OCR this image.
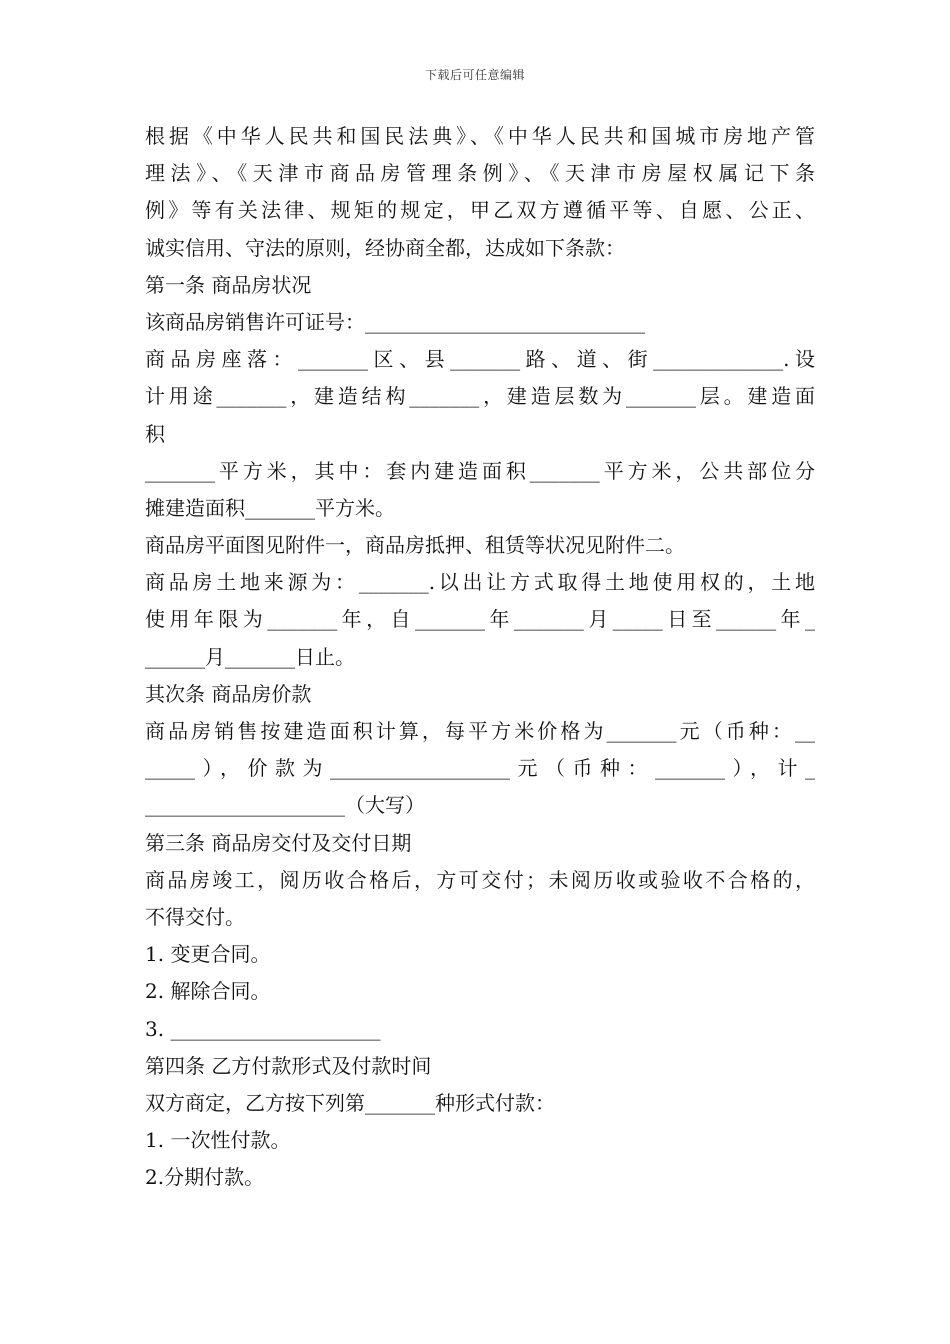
下载后可任意编辑
根据《中华人民共和国民法典》、《中华人民共和国城市房地产管
理法》、《天津市商品房管理条例》、《天津市房屋权属记下条
例》等有关法律、规矩的规定，甲乙双方遵循平等、自愿、公正、
诚实信用、守法的原则，经协商全都，达成如下条款：
第一条 商品房状况
该商品房销售许可证号：____________________________
商品房座落：_______区、县_______路、道、街_____________.设
计用途_______，建造结构_______，建造层数为_______层。建造面
积
_______平方米，其中：套内建造面积_______平方米，公共部位分
摊建造面积_______平方米。
商品房平面图见附件一，商品房抵押、租赁等状况见附件二。
商品房土地来源为：_______.以出让方式取得土地使用权的，土地
使用年限为_______年，自_______年_______月_____日至______年_
______月_______日止。
其次条 商品房价款
商品房销售按建造面积计算，每平方米价格为_______元（币种：__
_____），价款为__________________元（币种：_______），计_
____________________（大写）
第三条 商品房交付及交付日期
商品房竣工，阅历收合格后，方可交付；未阅历收或验收不合格的，
不得交付。
1. 变更合同。
2. 解除合同。
3. _____________________
第四条 乙方付款形式及付款时间
双方商定，乙方按下列第_______种形式付款：
1. 一次性付款。
2.分期付款。
